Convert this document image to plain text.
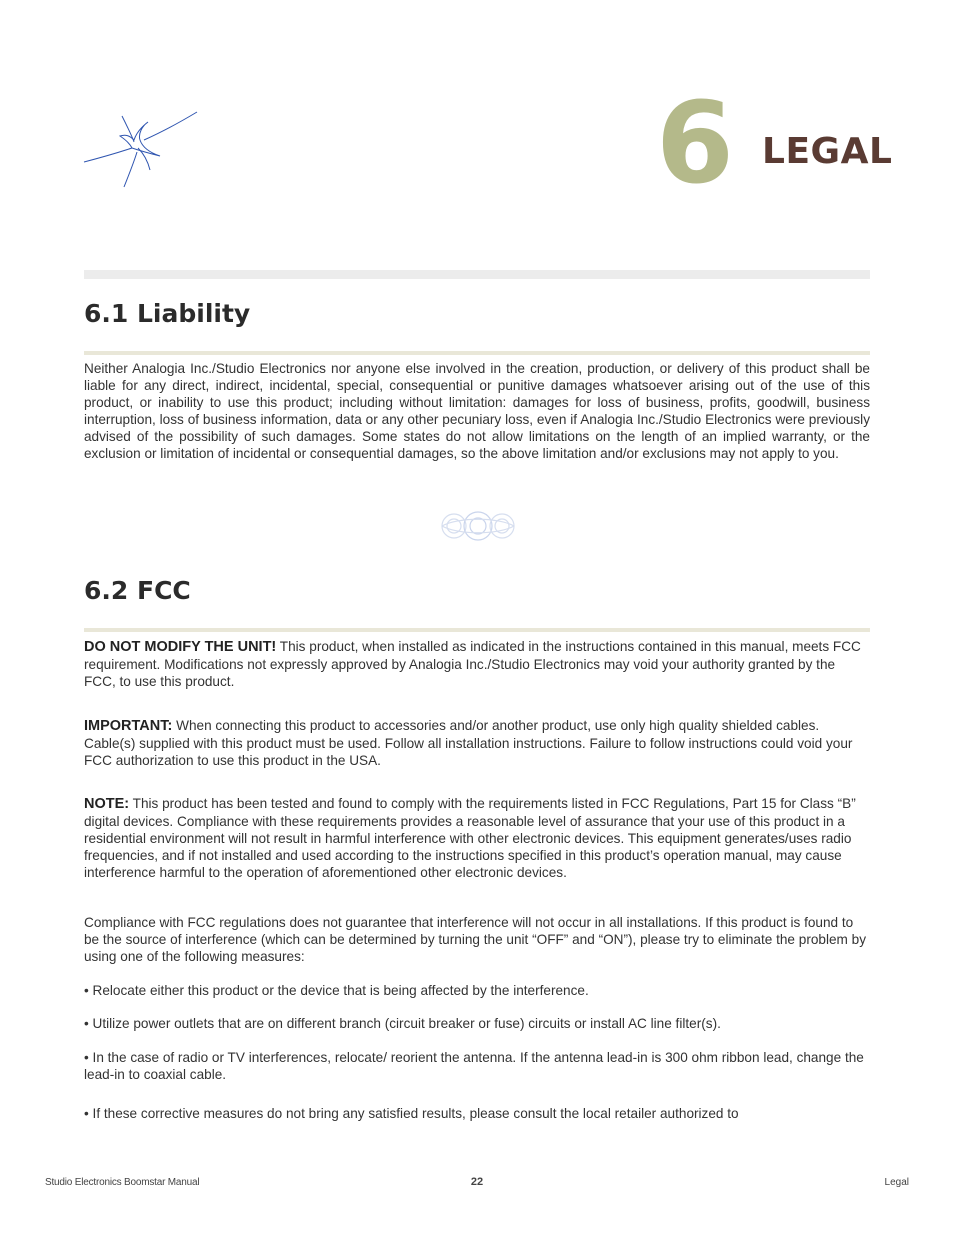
6 LEGAL
6.1 Liability
Neither Analogia Inc./Studio Electronics nor anyone else involved in the creation, production, or delivery of this product shall be liable for any direct, indirect, incidental, special, consequential or punitive damages whatsoever arising out of the use of this product, or inability to use this product; including without limitation: damages for loss of business, profits, goodwill, business interruption, loss of business information, data or any other pecuniary loss, even if Analogia Inc./Studio Electronics were previously advised of the possibility of such damages. Some states do not allow limitations on the length of an implied warranty, or the exclusion or limitation of incidental or consequential damages, so the above limitation and/or exclusions may not apply to you.
6.2 FCC
DO NOT MODIFY THE UNIT! This product, when installed as indicated in the instructions contained in this manual, meets FCC requirement. Modifications not expressly approved by Analogia Inc./Studio Electronics may void your authority granted by the FCC, to use this product.
IMPORTANT: When connecting this product to accessories and/or another product, use only high quality shielded cables. Cable(s) supplied with this product must be used. Follow all installation instructions. Failure to follow instructions could void your FCC authorization to use this product in the USA.
NOTE: This product has been tested and found to comply with the requirements listed in FCC Regulations, Part 15 for Class “B” digital devices. Compliance with these requirements provides a reasonable level of assurance that your use of this product in a residential environment will not result in harmful interference with other electronic devices. This equipment generates/uses radio frequencies, and if not installed and used according to the instructions specified in this product’s operation manual, may cause interference harmful to the operation of aforementioned other electronic devices.
Compliance with FCC regulations does not guarantee that interference will not occur in all installations. If this product is found to be the source of interference (which can be determined by turning the unit “OFF” and “ON”), please try to eliminate the problem by using one of the following measures:
• Relocate either this product or the device that is being affected by the interference.
• Utilize power outlets that are on different branch (circuit breaker or fuse) circuits or install AC line filter(s).
• In the case of radio or TV interferences, relocate/ reorient the antenna. If the antenna lead-in is 300 ohm ribbon lead, change the lead-in to coaxial cable.
• If these corrective measures do not bring any satisfied results, please consult the local retailer authorized to
Studio Electronics Boomstar Manual	22	Legal
